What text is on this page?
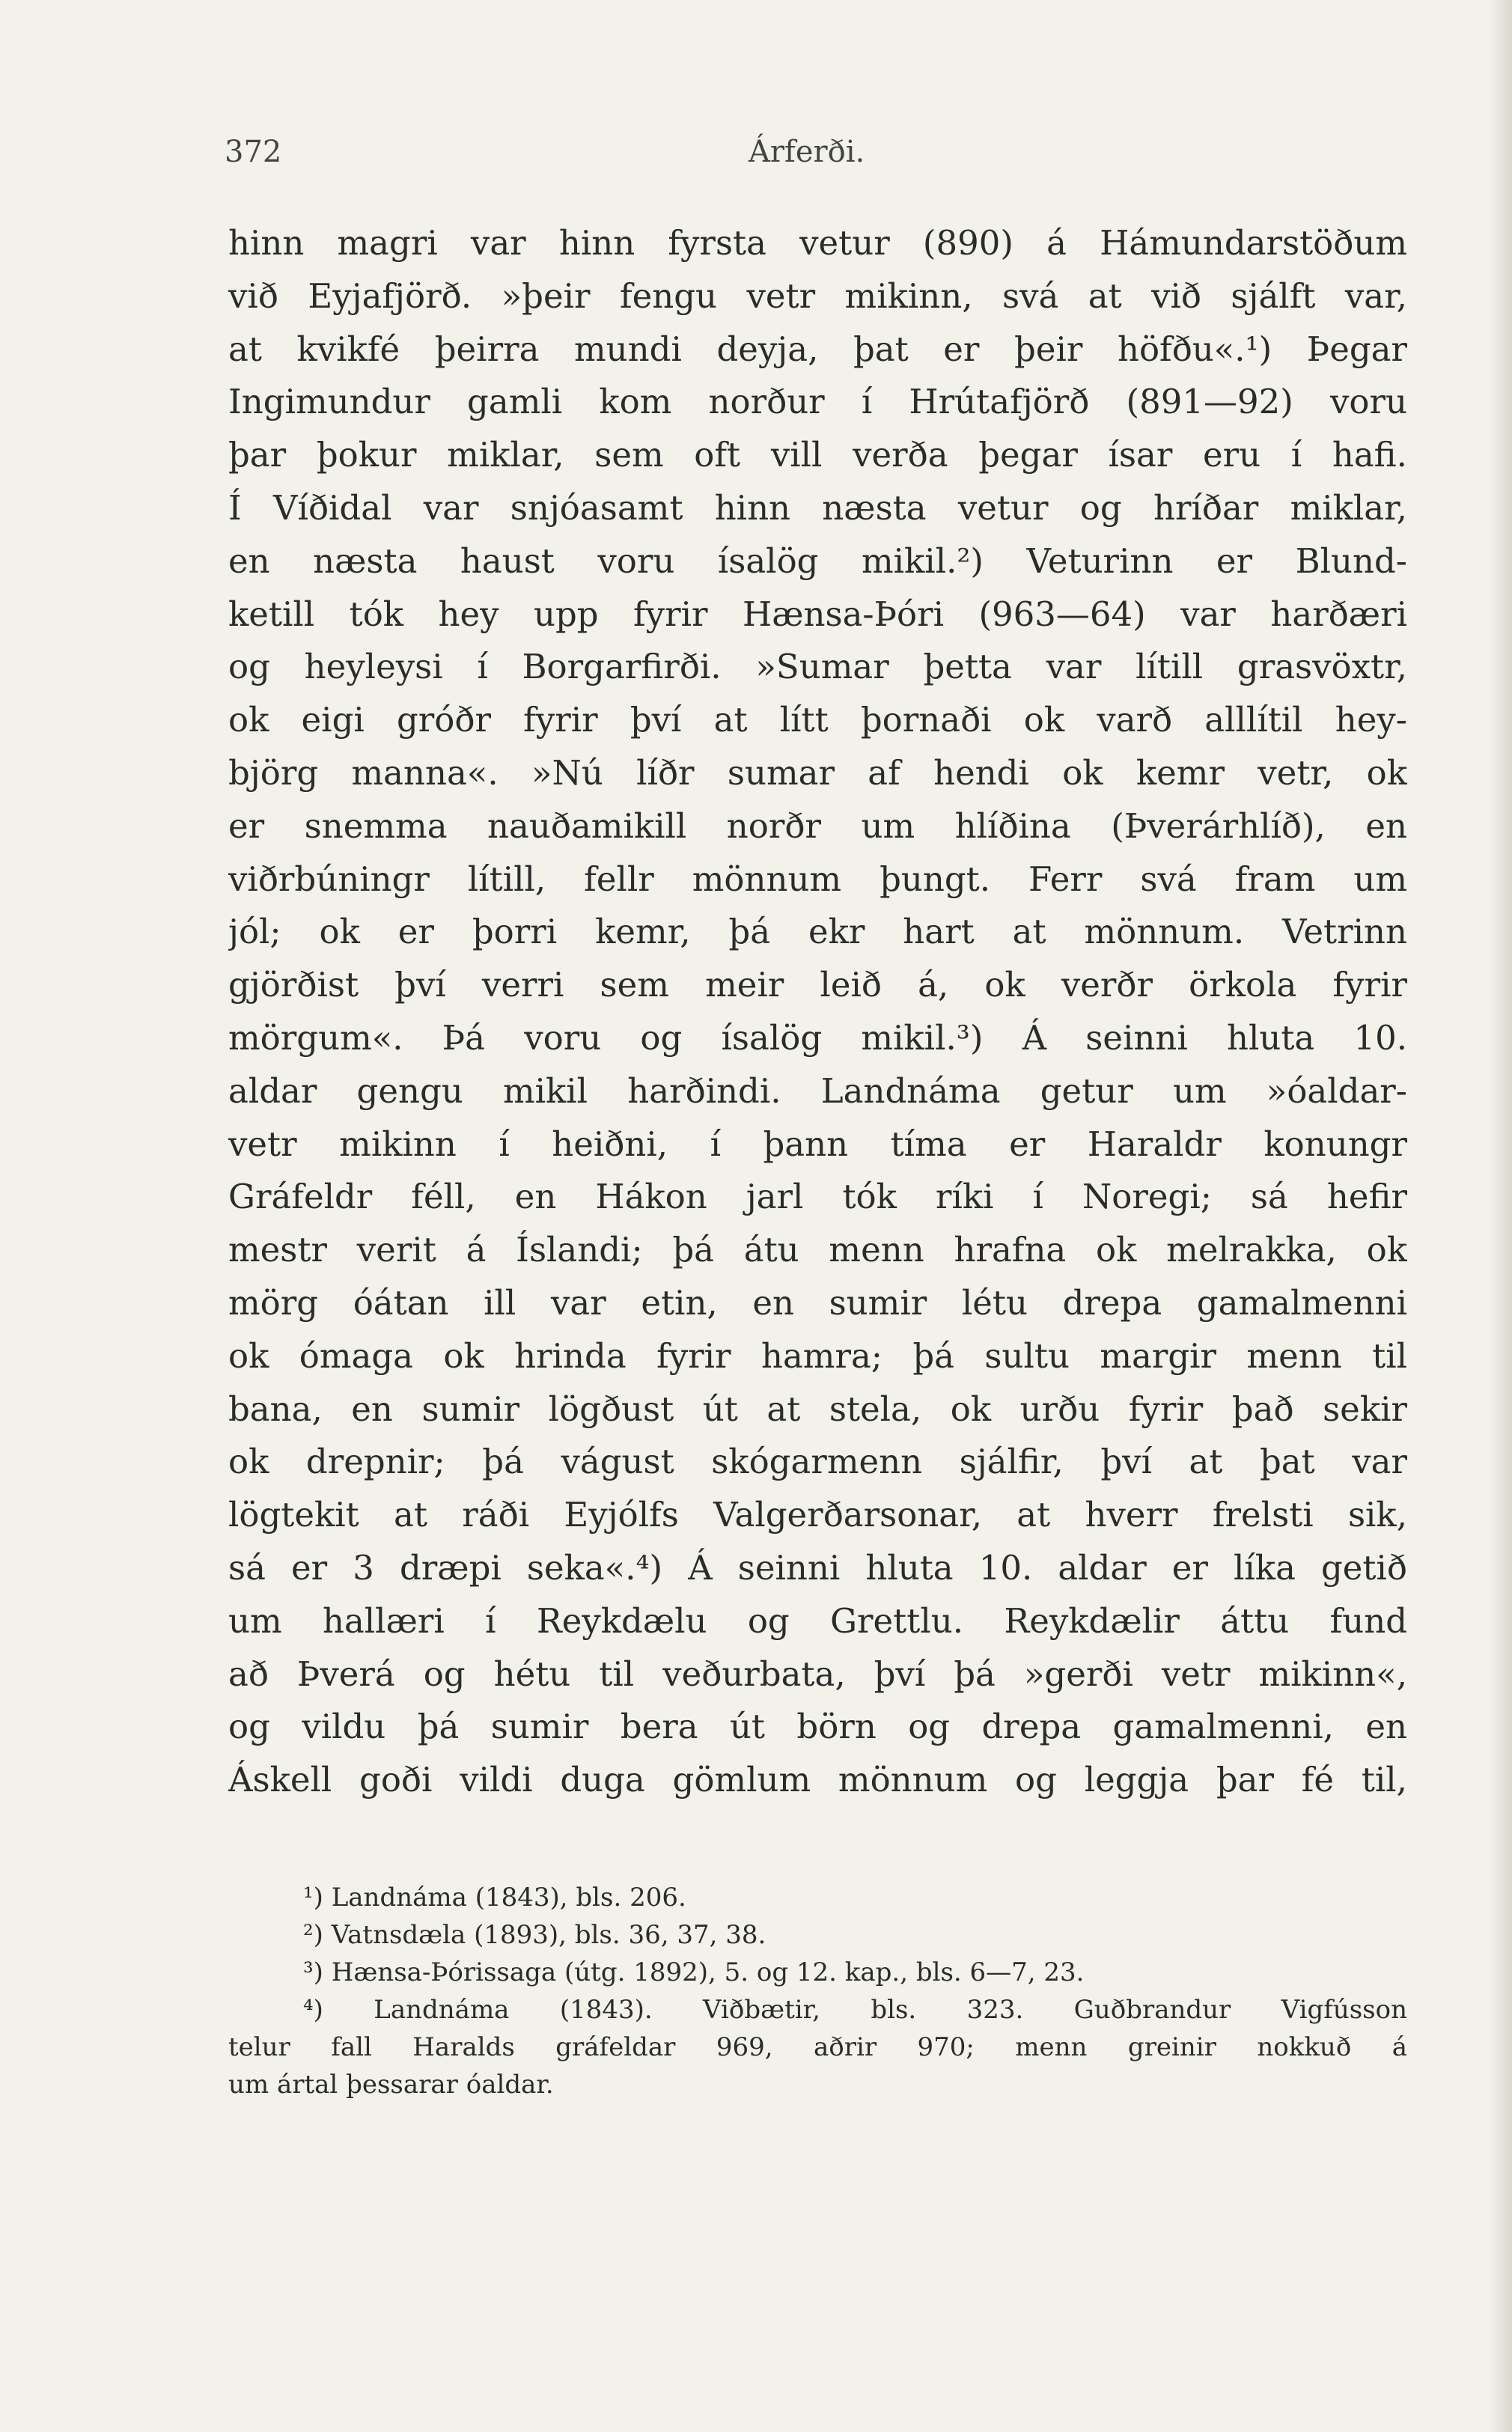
372	Árferði.
hinn magri var hinn fyrsta vetur (890) á Hámundarstöðum
við Eyjafjörð. »þeir fengu vetr mikinn, svá at við sjálft var,
at kvikfé þeirra mundi deyja, þat er þeir höfðu«.¹) Þegar
Ingimundur gamli kom norður í Hrútafjörð (891—92) voru
þar þokur miklar, sem oft vill verða þegar ísar eru í hafi.
Í Víðidal var snjóasamt hinn næsta vetur og hríðar miklar,
en næsta haust voru ísalög mikil.²) Veturinn er Blund-
ketill tók hey upp fyrir Hænsa-Þóri (963—64) var harðæri
og heyleysi í Borgarfirði. »Sumar þetta var lítill grasvöxtr,
ok eigi gróðr fyrir því at lítt þornaði ok varð alllítil hey-
björg manna«. »Nú líðr sumar af hendi ok kemr vetr, ok
er snemma nauðamikill norðr um hlíðina (Þverárhlíð), en
viðrbúningr lítill, fellr mönnum þungt. Ferr svá fram um
jól; ok er þorri kemr, þá ekr hart at mönnum. Vetrinn
gjörðist því verri sem meir leið á, ok verðr örkola fyrir
mörgum«. Þá voru og ísalög mikil.³) Á seinni hluta 10.
aldar gengu mikil harðindi. Landnáma getur um »óaldar-
vetr mikinn í heiðni, í þann tíma er Haraldr konungr
Gráfeldr féll, en Hákon jarl tók ríki í Noregi; sá hefir
mestr verit á Íslandi; þá átu menn hrafna ok melrakka, ok
mörg óátan ill var etin, en sumir létu drepa gamalmenni
ok ómaga ok hrinda fyrir hamra; þá sultu margir menn til
bana, en sumir lögðust út at stela, ok urðu fyrir það sekir
ok drepnir; þá vágust skógarmenn sjálfir, því at þat var
lögtekit at ráði Eyjólfs Valgerðarsonar, at hverr frelsti sik,
sá er 3 dræpi seka«.⁴) Á seinni hluta 10. aldar er líka getið
um hallæri í Reykdælu og Grettlu. Reykdælir áttu fund
að Þverá og hétu til veðurbata, því þá »gerði vetr mikinn«,
og vildu þá sumir bera út börn og drepa gamalmenni, en
Áskell goði vildi duga gömlum mönnum og leggja þar fé til,
¹) Landnáma (1843), bls. 206.
²) Vatnsdæla (1893), bls. 36, 37, 38.
³) Hænsa-Þórissaga (útg. 1892), 5. og 12. kap., bls. 6—7, 23.
⁴) Landnáma (1843). Viðbætir, bls. 323. Guðbrandur Vigfússon
telur fall Haralds gráfeldar 969, aðrir 970; menn greinir nokkuð á
um ártal þessarar óaldar.
